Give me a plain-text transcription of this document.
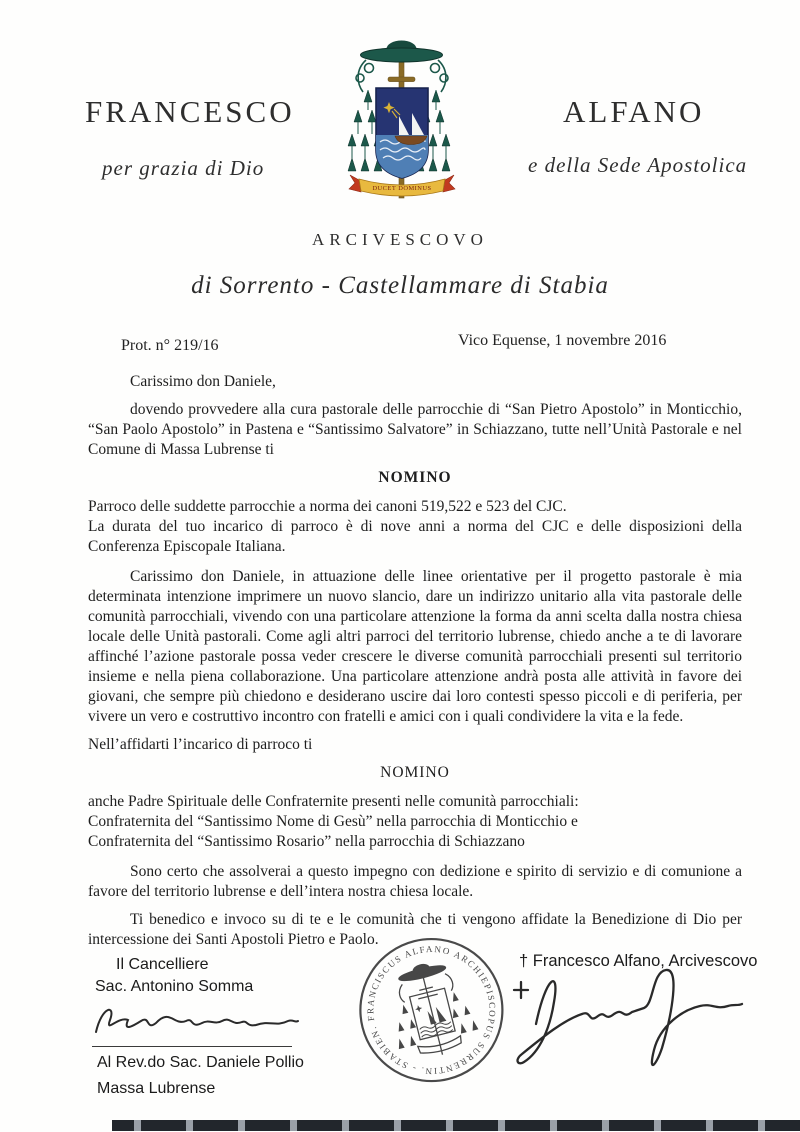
FRANCESCO	ALFANO
per grazia di Dio	e della Sede Apostolica
DUCET DOMINUS
ARCIVESCOVO
di Sorrento - Castellammare di Stabia
Prot. n° 219/16	Vico Equense, 1 novembre 2016

Carissimo don Daniele,

dovendo provvedere alla cura pastorale delle parrocchie di “San Pietro Apostolo” in Monticchio, “San Paolo Apostolo” in Pastena e “Santissimo Salvatore” in Schiazzano, tutte nell’Unità Pastorale e nel Comune di Massa Lubrense ti

NOMINO

Parroco delle suddette parrocchie a norma dei canoni 519,522 e 523 del CJC.

La durata del tuo incarico di parroco è di nove anni a norma del CJC e delle disposizioni della Conferenza Episcopale Italiana.

Carissimo don Daniele, in attuazione delle linee orientative per il progetto pastorale è mia determinata intenzione imprimere un nuovo slancio, dare un indirizzo unitario alla vita pastorale delle comunità parrocchiali, vivendo con una particolare attenzione la forma da anni scelta dalla nostra chiesa locale delle Unità pastorali. Come agli altri parroci del territorio lubrense, chiedo anche a te di lavorare affinché l’azione pastorale possa veder crescere le diverse comunità parrocchiali presenti sul territorio insieme e nella piena collaborazione. Una particolare attenzione andrà posta alle attività in favore dei giovani, che sempre più chiedono e desiderano uscire dai loro contesti spesso piccoli e di periferia, per vivere un vero e costruttivo incontro con fratelli e amici con i quali condividere la vita e la fede.

Nell’affidarti l’incarico di parroco ti

NOMINO

anche Padre Spirituale delle Confraternite presenti nelle comunità parrocchiali:

Confraternita del “Santissimo Nome di Gesù” nella parrocchia di Monticchio e

Confraternita del “Santissimo Rosario” nella parrocchia di Schiazzano

Sono certo che assolverai a questo impegno con dedizione e spirito di servizio e di comunione a favore del territorio lubrense e dell’intera nostra chiesa locale.

Ti benedico e invoco su di te e le comunità che ti vengono affidate la Benedizione di Dio per intercessione dei Santi Apostoli Pietro e Paolo.

Il Cancelliere
Sac. Antonino Somma
Al Rev.do Sac. Daniele Pollio
Massa Lubrense
FRANCISCUS ALFANO ARCHIEPISCOPUS SURRENTIN. - STABIEN.
† Francesco Alfano, Arcivescovo
